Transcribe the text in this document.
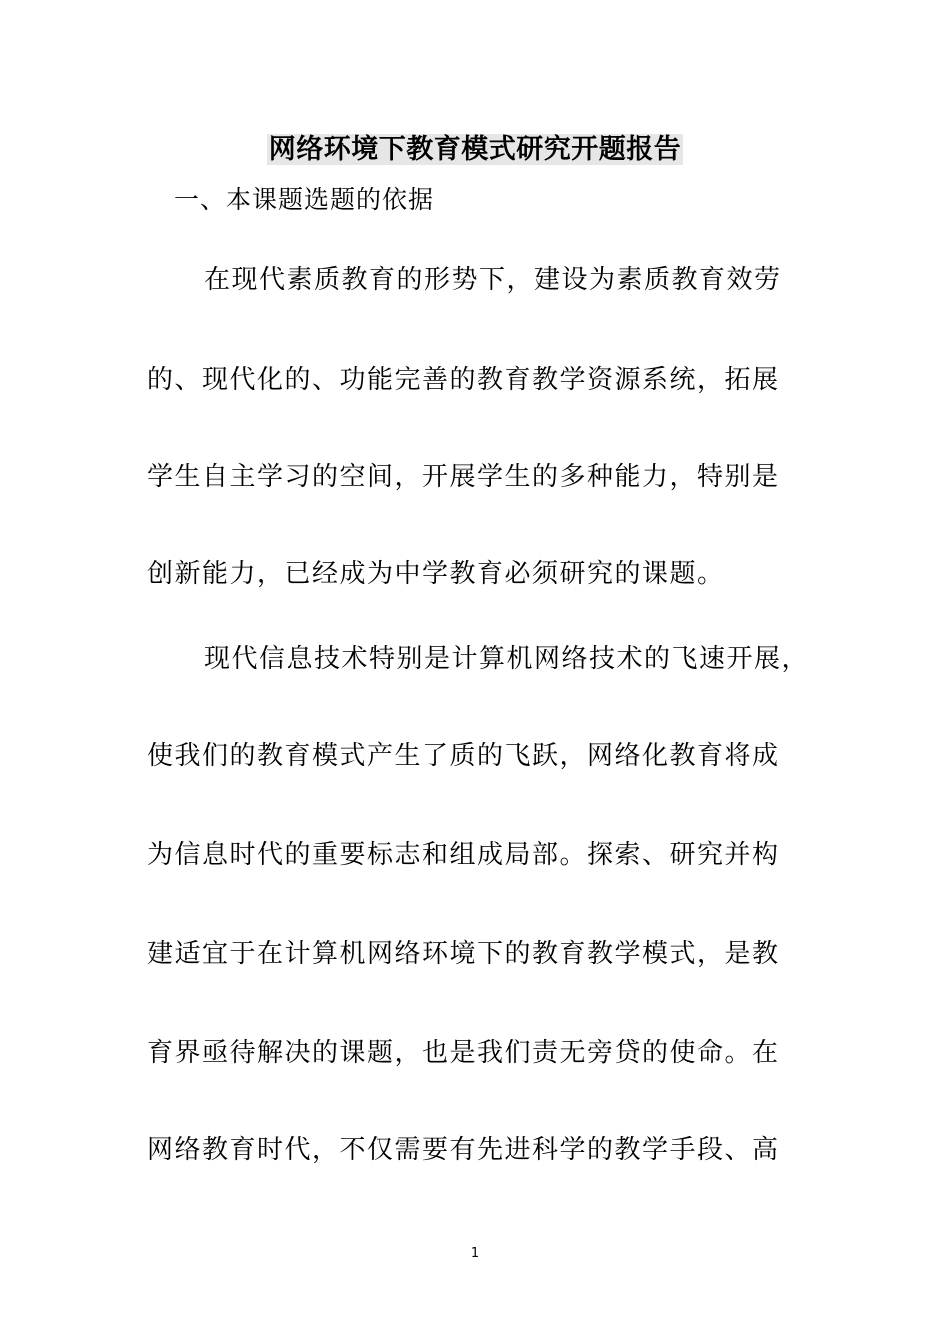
网络环境下教育模式研究开题报告
一、本课题选题的依据
在现代素质教育的形势下，建设为素质教育效劳
的、现代化的、功能完善的教育教学资源系统，拓展
学生自主学习的空间，开展学生的多种能力，特别是
创新能力，已经成为中学教育必须研究的课题。
现代信息技术特别是计算机网络技术的飞速开展，
使我们的教育模式产生了质的飞跃，网络化教育将成
为信息时代的重要标志和组成局部。探索、研究并构
建适宜于在计算机网络环境下的教育教学模式，是教
育界亟待解决的课题，也是我们责无旁贷的使命。在
网络教育时代，不仅需要有先进科学的教学手段、高
1
